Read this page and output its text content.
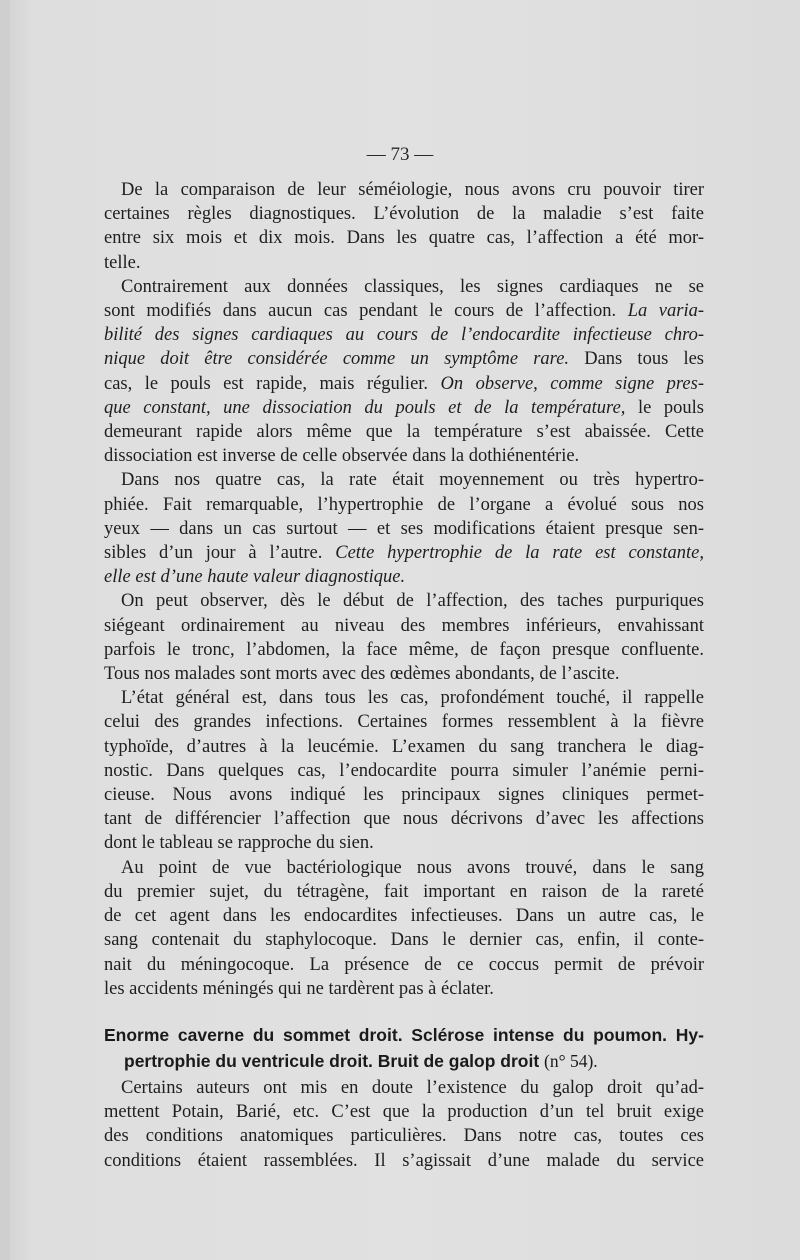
— 73 —
De la comparaison de leur séméiologie, nous avons cru pouvoir tirer
certaines règles diagnostiques. L’évolution de la maladie s’est faite
entre six mois et dix mois. Dans les quatre cas, l’affection a été mor-
telle.
Contrairement aux données classiques, les signes cardiaques ne se
sont modifiés dans aucun cas pendant le cours de l’affection. La varia-
bilité des signes cardiaques au cours de l’endocardite infectieuse chro-
nique doit être considérée comme un symptôme rare. Dans tous les
cas, le pouls est rapide, mais régulier. On observe, comme signe pres-
que constant, une dissociation du pouls et de la température, le pouls
demeurant rapide alors même que la température s’est abaissée. Cette
dissociation est inverse de celle observée dans la dothiénentérie.
Dans nos quatre cas, la rate était moyennement ou très hypertro-
phiée. Fait remarquable, l’hypertrophie de l’organe a évolué sous nos
yeux — dans un cas surtout — et ses modifications étaient presque sen-
sibles d’un jour à l’autre. Cette hypertrophie de la rate est constante,
elle est d’une haute valeur diagnostique.
On peut observer, dès le début de l’affection, des taches purpuriques
siégeant ordinairement au niveau des membres inférieurs, envahissant
parfois le tronc, l’abdomen, la face même, de façon presque confluente.
Tous nos malades sont morts avec des œdèmes abondants, de l’ascite.
L’état général est, dans tous les cas, profondément touché, il rappelle
celui des grandes infections. Certaines formes ressemblent à la fièvre
typhoïde, d’autres à la leucémie. L’examen du sang tranchera le diag-
nostic. Dans quelques cas, l’endocardite pourra simuler l’anémie perni-
cieuse. Nous avons indiqué les principaux signes cliniques permet-
tant de différencier l’affection que nous décrivons d’avec les affections
dont le tableau se rapproche du sien.
Au point de vue bactériologique nous avons trouvé, dans le sang
du premier sujet, du tétragène, fait important en raison de la rareté
de cet agent dans les endocardites infectieuses. Dans un autre cas, le
sang contenait du staphylocoque. Dans le dernier cas, enfin, il conte-
nait du méningocoque. La présence de ce coccus permit de prévoir
les accidents méningés qui ne tardèrent pas à éclater.
Enorme caverne du sommet droit. Sclérose intense du poumon. Hy-
pertrophie du ventricule droit. Bruit de galop droit (n° 54).
Certains auteurs ont mis en doute l’existence du galop droit qu’ad-
mettent Potain, Barié, etc. C’est que la production d’un tel bruit exige
des conditions anatomiques particulières. Dans notre cas, toutes ces
conditions étaient rassemblées. Il s’agissait d’une malade du service
